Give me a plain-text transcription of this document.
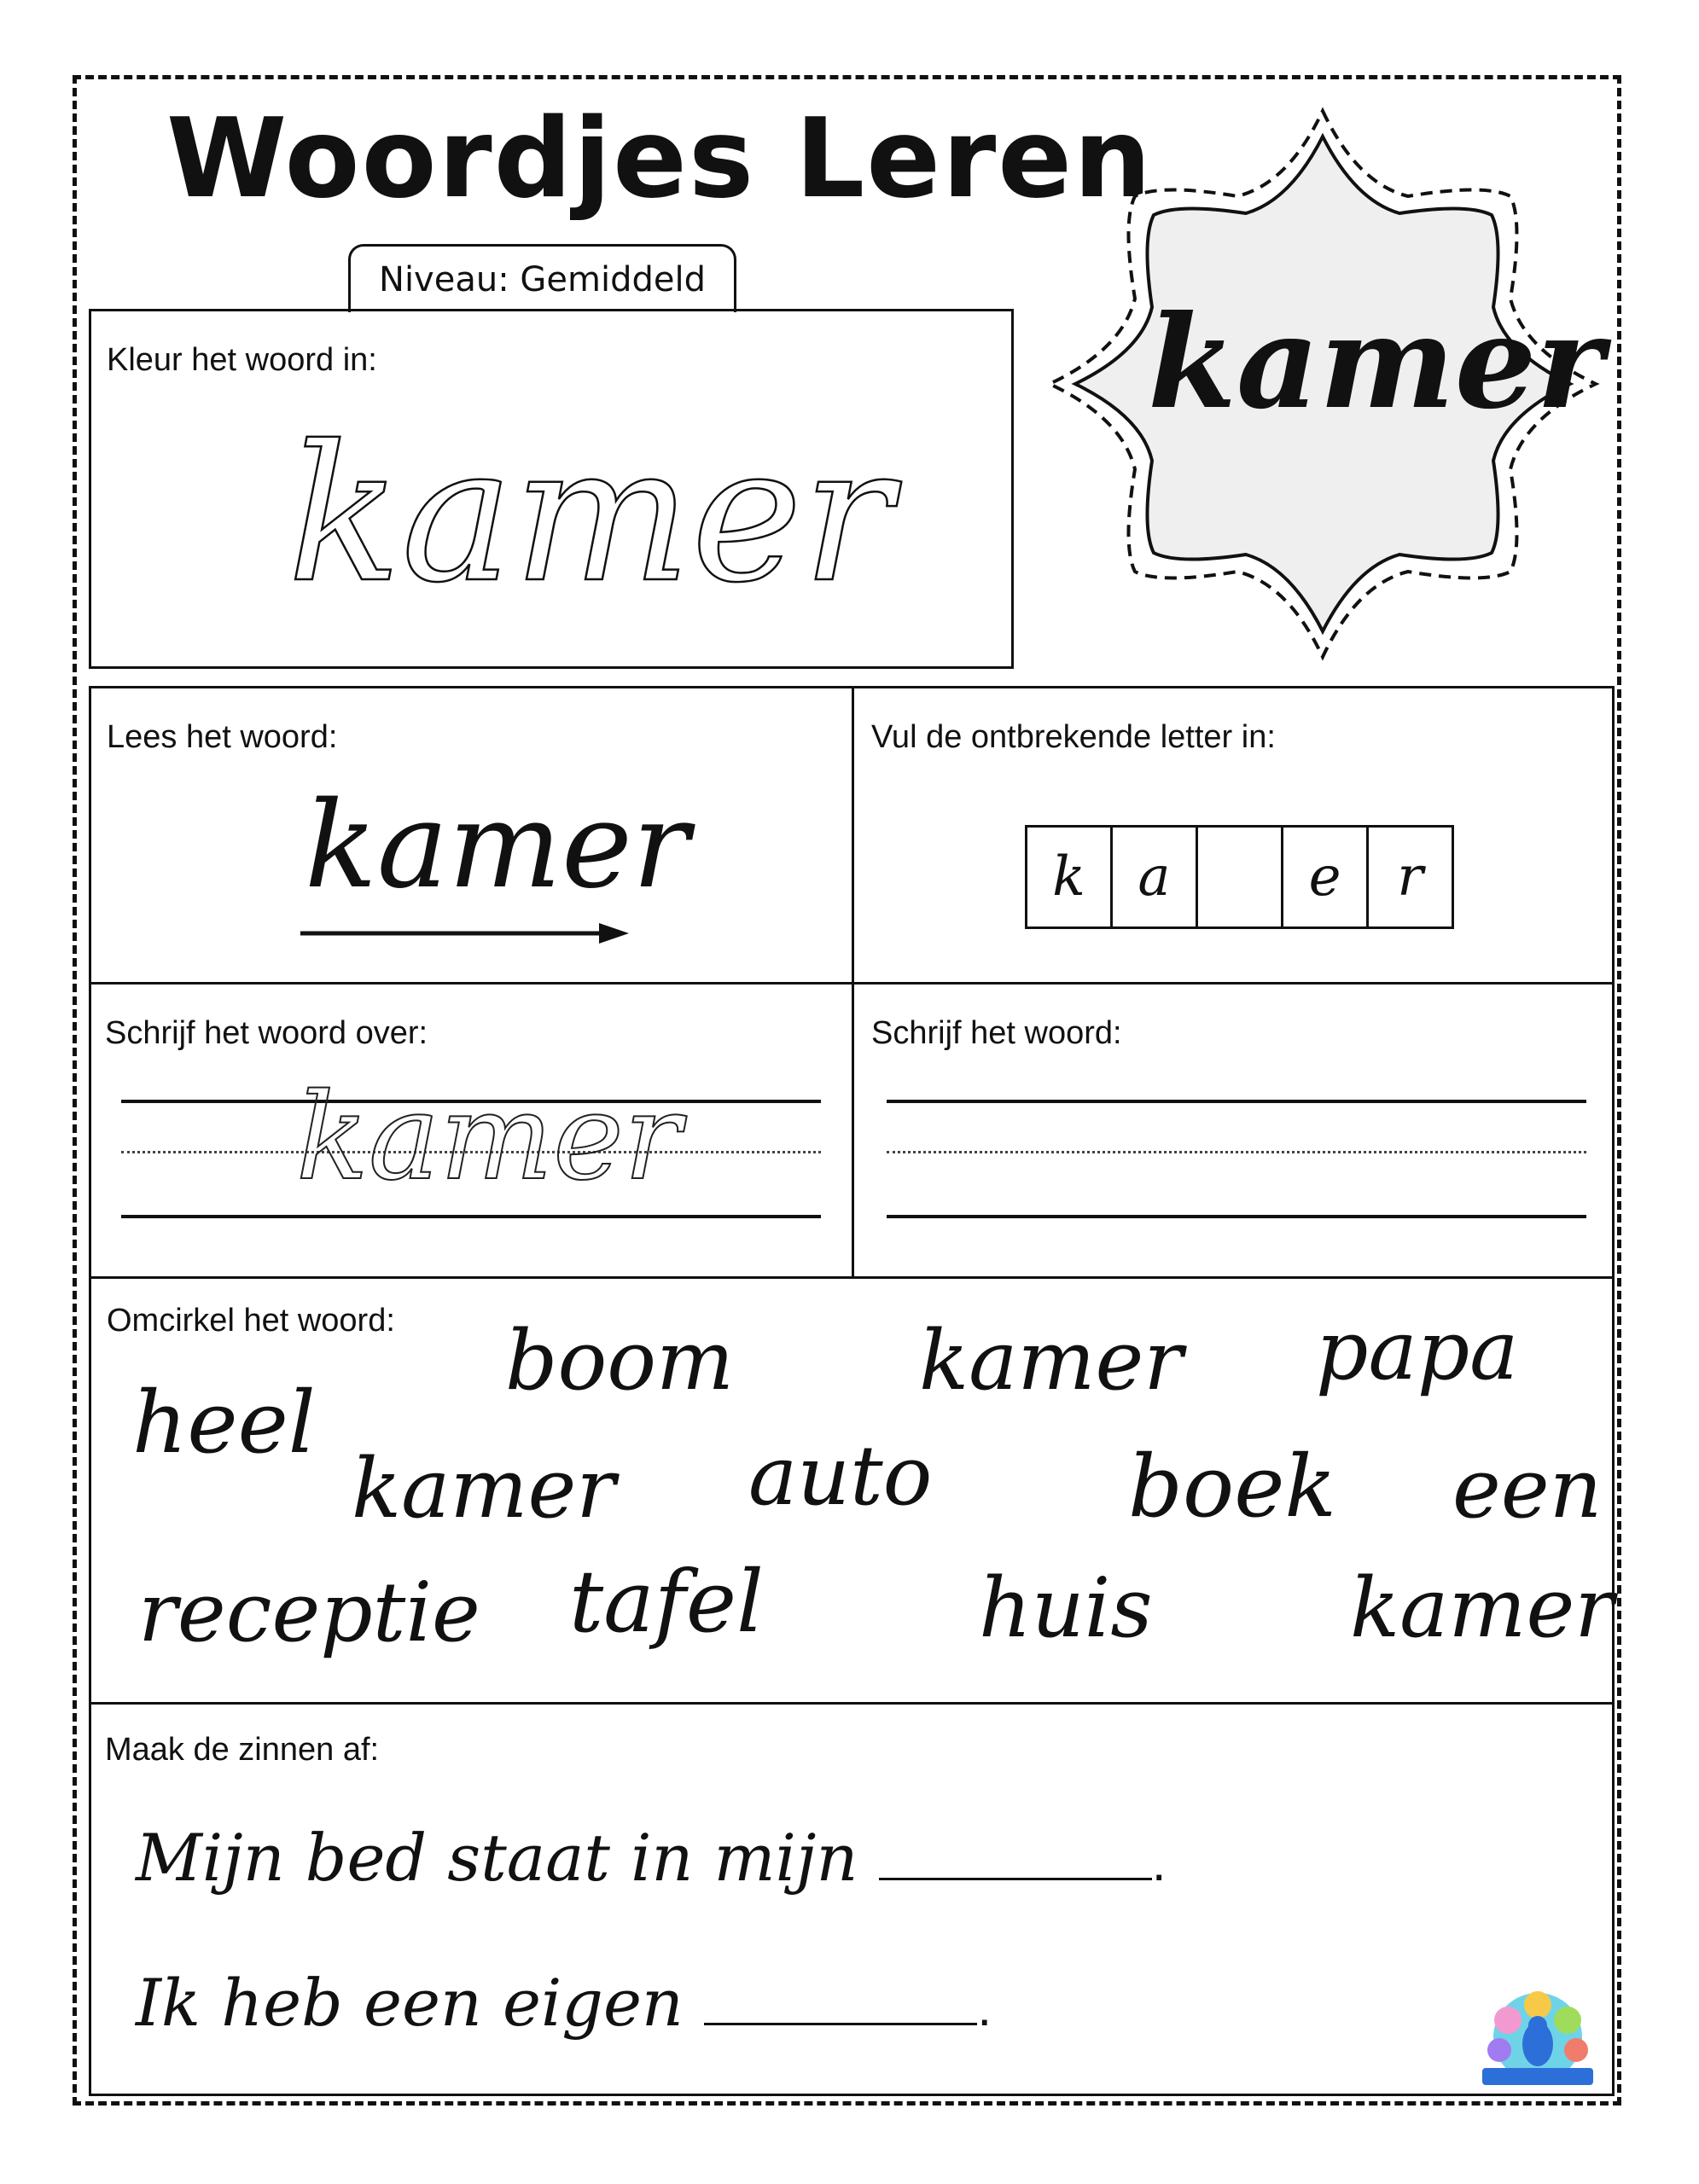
Woordjes Leren
Niveau: Gemiddeld
Kleur het woord in:
kamer
kamer
Lees het woord:
kamer
Vul de ontbrekende letter in:
k a	e	r
Schrijf het woord over:
kamer
Schrijf het woord:
Omcirkel het woord: boom kamer papa
heel
kamer auto boek een
receptie tafel	huis kamer
Maak de zinnen af:
Mijn bed staat in mijn	.
Ik heb een eigen	.
